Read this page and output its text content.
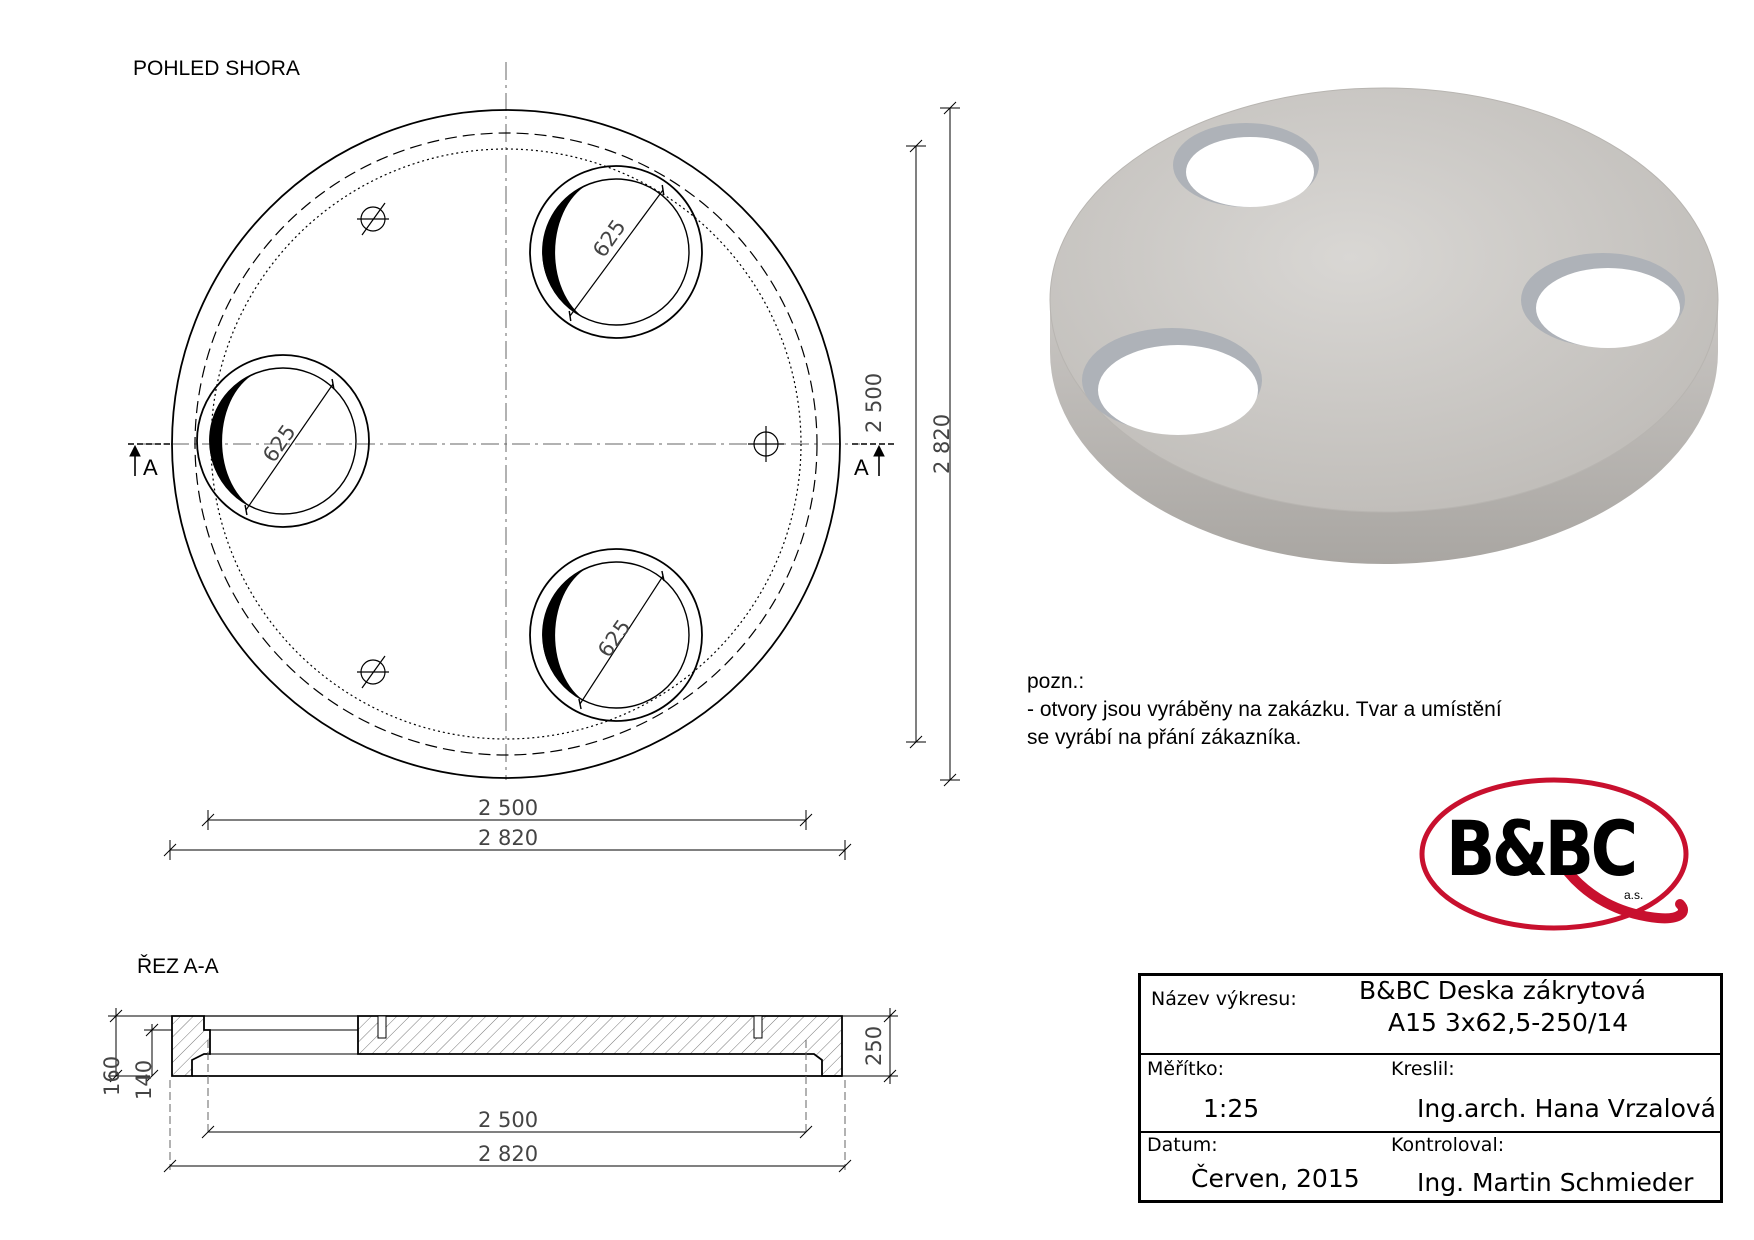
POHLED SHORA
ŘEZ A-A
A	A
2 500
2 820
2 500
2 820
625
625
625
2 500
2 820
160 140
250
pozn.:
- otvory jsou vyráběny na zakázku. Tvar a umístění
se vyrábí na přání zákazníka.
B&BC
a.s.
Název výkresu: B&BC Deska zákrytová
A15 3x62,5-250/14
Měřítko:
1:25
Kreslil:
Ing.arch. Hana Vrzalová
Datum:
Červen, 2015
Kontroloval:
Ing. Martin Schmieder
